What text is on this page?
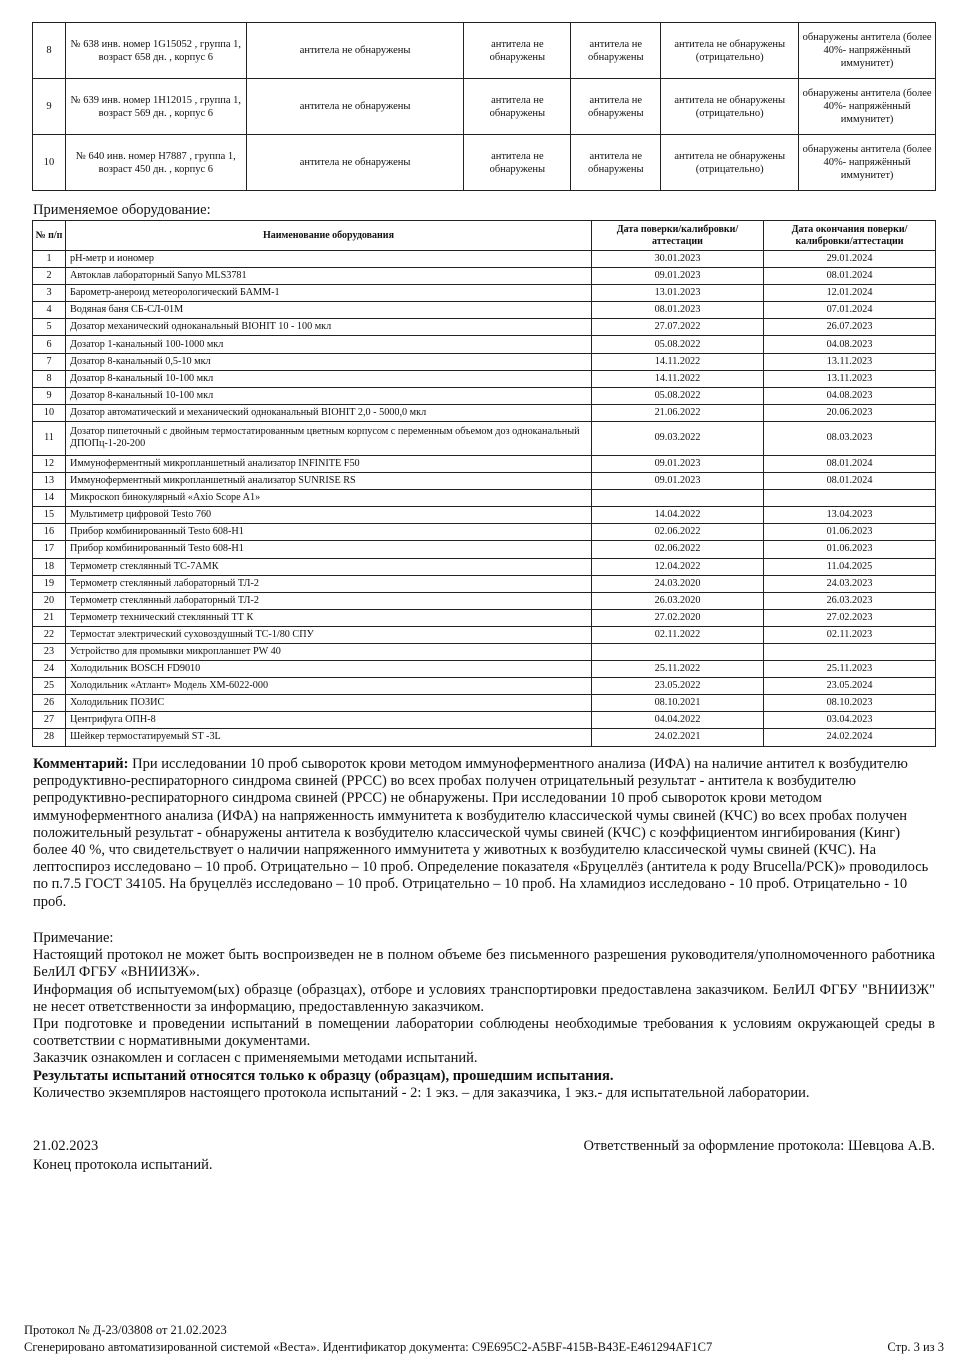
8	№ 638 инв. номер 1G15052 , группа 1, возраст 658 дн. , корпус 6	антитела не обнаружены	антитела не обнаружены	антитела не обнаружены	антитела не обнаружены (отрицательно)	обнаружены антитела (более 40%- напряжённый иммунитет)
9	№ 639 инв. номер 1H12015 , группа 1, возраст 569 дн. , корпус 6	антитела не обнаружены	антитела не обнаружены	антитела не обнаружены	антитела не обнаружены (отрицательно)	обнаружены антитела (более 40%- напряжённый иммунитет)
10	№ 640 инв. номер H7887 , группа 1, возраст 450 дн. , корпус 6	антитела не обнаружены	антитела не обнаружены	антитела не обнаружены	антитела не обнаружены (отрицательно)	обнаружены антитела (более 40%- напряжённый иммунитет)
Применяемое оборудование:
№ п/п	Наименование оборудования	Дата поверки/калибровки/аттестации	Дата окончания поверки/калибровки/аттестации
1	pH-метр и иономер	30.01.2023	29.01.2024
2	Автоклав лабораторный Sanyo MLS3781	09.01.2023	08.01.2024
3	Барометр-анероид метеорологический БАММ-1	13.01.2023	12.01.2024
4	Водяная баня СБ-СЛ-01М	08.01.2023	07.01.2024
5	Дозатор механический одноканальный BIOHIT 10 - 100 мкл	27.07.2022	26.07.2023
6	Дозатор 1-канальный 100-1000 мкл	05.08.2022	04.08.2023
7	Дозатор 8-канальный 0,5-10 мкл	14.11.2022	13.11.2023
8	Дозатор 8-канальный 10-100 мкл	14.11.2022	13.11.2023
9	Дозатор 8-канальный 10-100 мкл	05.08.2022	04.08.2023
10	Дозатор автоматический и механический одноканальный BIOHIT 2,0 - 5000,0 мкл	21.06.2022	20.06.2023
11	Дозатор пипеточный с двойным термостатированным цветным корпусом с переменным объемом доз одноканальный ДПОПц-1-20-200	09.03.2022	08.03.2023
12	Иммуноферментный микропланшетный анализатор INFINITE F50	09.01.2023	08.01.2024
13	Иммуноферментный микропланшетный анализатор SUNRISE RS	09.01.2023	08.01.2024
14	Микроскоп бинокулярный «Axio Scope A1»		
15	Мультиметр цифровой Testo 760	14.04.2022	13.04.2023
16	Прибор комбинированный Testo 608-H1	02.06.2022	01.06.2023
17	Прибор комбинированный Testo 608-H1	02.06.2022	01.06.2023
18	Термометр стеклянный ТС-7АМК	12.04.2022	11.04.2025
19	Термометр стеклянный лабораторный ТЛ-2	24.03.2020	24.03.2023
20	Термометр стеклянный лабораторный ТЛ-2	26.03.2020	26.03.2023
21	Термометр технический стеклянный ТТ К	27.02.2020	27.02.2023
22	Термостат электрический суховоздушный ТС-1/80 СПУ	02.11.2022	02.11.2023
23	Устройство для промывки микропланшет PW 40		
24	Холодильник BOSCH FD9010	25.11.2022	25.11.2023
25	Холодильник «Атлант» Модель ХМ-6022-000	23.05.2022	23.05.2024
26	Холодильник ПОЗИС	08.10.2021	08.10.2023
27	Центрифуга ОПН-8	04.04.2022	03.04.2023
28	Шейкер термостатируемый ST -3L	24.02.2021	24.02.2024
Комментарий: При исследовании 10 проб сывороток крови методом иммуноферментного анализа (ИФА) на наличие антител к возбудителю репродуктивно-респираторного синдрома свиней (РРСС) во всех пробах получен отрицательный результат - антитела к возбудителю репродуктивно-респираторного синдрома свиней (РРСС) не обнаружены. При исследовании 10 проб сывороток крови методом иммуноферментного анализа (ИФА) на напряженность иммунитета к возбудителю классической чумы свиней (КЧС) во всех пробах получен положительный результат - обнаружены антитела к возбудителю классической чумы свиней (КЧС) с коэффициентом ингибирования (Кинг) более 40 %, что свидетельствует о наличии напряженного иммунитета у животных к возбудителю классической чумы свиней (КЧС). На лептоспироз исследовано – 10 проб. Отрицательно – 10 проб. Определение показателя «Бруцеллёз (антитела к роду Brucella/РСК)» проводилось по п.7.5 ГОСТ 34105. На бруцеллёз исследовано – 10 проб. Отрицательно – 10 проб. На хламидиоз исследовано - 10 проб. Отрицательно - 10 проб.

Примечание:

Настоящий протокол не может быть воспроизведен не в полном объеме без письменного разрешения руководителя/уполномоченного работника БелИЛ ФГБУ «ВНИИЗЖ».

Информация об испытуемом(ых) образце (образцах), отборе и условиях транспортировки предоставлена заказчиком. БелИЛ ФГБУ "ВНИИЗЖ" не несет ответственности за информацию, предоставленную заказчиком.

При подготовке и проведении испытаний в помещении лаборатории соблюдены необходимые требования к условиям окружающей среды в соответствии с нормативными документами.

Заказчик ознакомлен и согласен с применяемыми методами испытаний.

Результаты испытаний относятся только к образцу (образцам), прошедшим испытания.

Количество экземпляров настоящего протокола испытаний - 2: 1 экз. – для заказчика, 1 экз.- для испытательной лаборатории.

21.02.2023	Ответственный за оформление протокола: Шевцова А.В.
Конец протокола испытаний.
Протокол № Д-23/03808 от 21.02.2023
Сгенерировано автоматизированной системой «Веста». Идентификатор документа: C9E695C2-A5BF-415B-B43E-E461294AF1C7	Стр. 3 из 3
